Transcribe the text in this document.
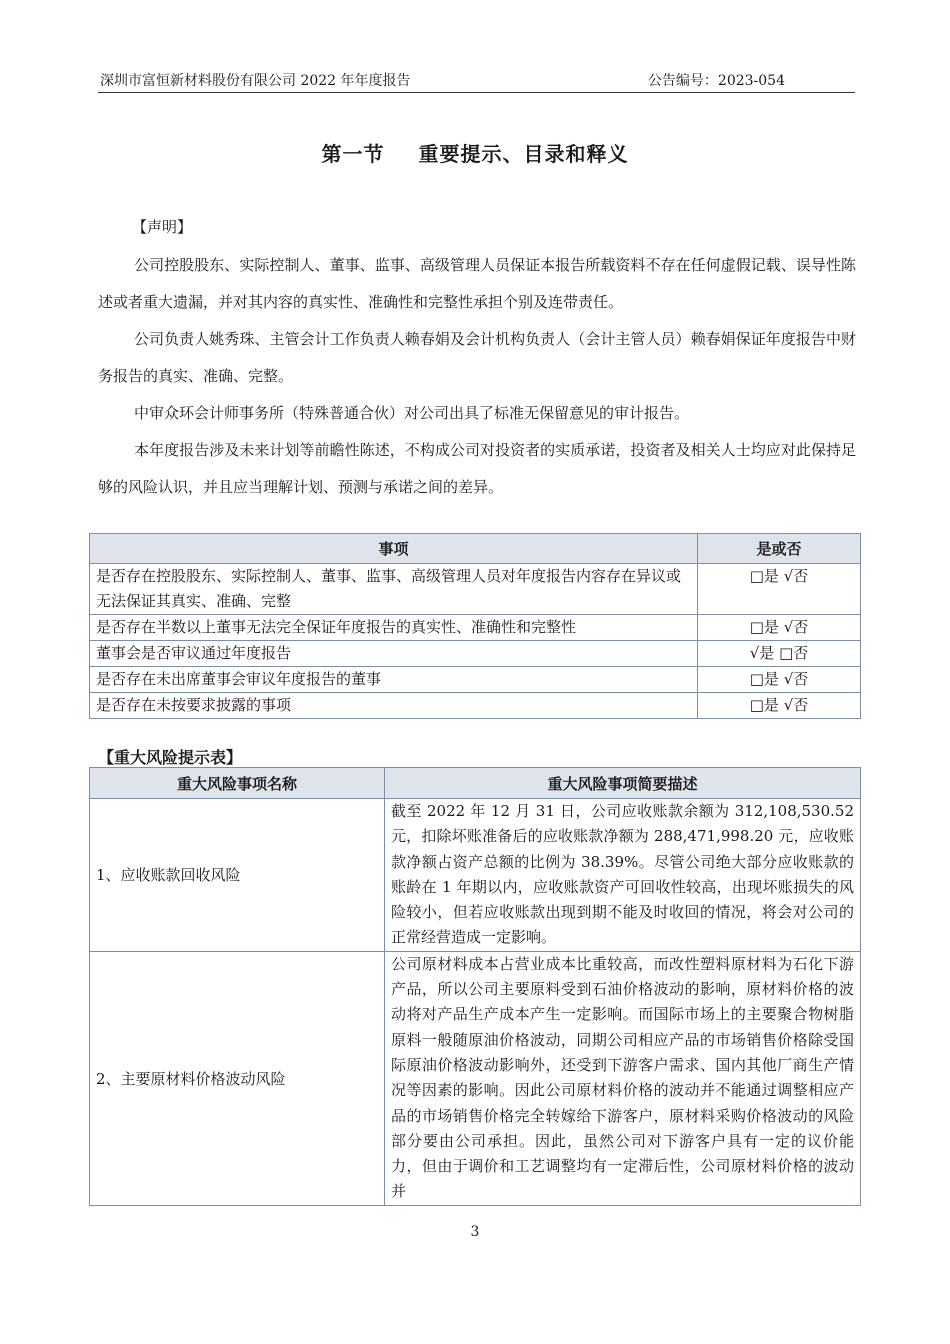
深圳市富恒新材料股份有限公司 2022 年年度报告	公告编号：2023-054
第一节 重要提示、目录和释义
【声明】

公司控股股东、实际控制人、董事、监事、高级管理人员保证本报告所载资料不存在任何虚假记载、误导性陈述或者重大遗漏，并对其内容的真实性、准确性和完整性承担个别及连带责任。

公司负责人姚秀珠、主管会计工作负责人赖春娟及会计机构负责人（会计主管人员）赖春娟保证年度报告中财务报告的真实、准确、完整。

中审众环会计师事务所（特殊普通合伙）对公司出具了标准无保留意见的审计报告。

本年度报告涉及未来计划等前瞻性陈述，不构成公司对投资者的实质承诺，投资者及相关人士均应对此保持足够的风险认识，并且应当理解计划、预测与承诺之间的差异。

事项	是或否
是否存在控股股东、实际控制人、董事、监事、高级管理人员对年度报告内容存在异议或无法保证其真实、准确、完整	□是 √否
是否存在半数以上董事无法完全保证年度报告的真实性、准确性和完整性	□是 √否
董事会是否审议通过年度报告	√是 □否
是否存在未出席董事会审议年度报告的董事	□是 √否
是否存在未按要求披露的事项	□是 √否
【重大风险提示表】
重大风险事项名称	重大风险事项简要描述
1、应收账款回收风险	截至 2022 年 12 月 31 日，公司应收账款余额为 312,108,530.52 元，扣除坏账准备后的应收账款净额为 288,471,998.20 元，应收账款净额占资产总额的比例为 38.39%。尽管公司绝大部分应收账款的账龄在 1 年期以内，应收账款资产可回收性较高，出现坏账损失的风险较小，但若应收账款出现到期不能及时收回的情况，将会对公司的正常经营造成一定影响。
2、主要原材料价格波动风险	公司原材料成本占营业成本比重较高，而改性塑料原材料为石化下游产品，所以公司主要原料受到石油价格波动的影响，原材料价格的波动将对产品生产成本产生一定影响。而国际市场上的主要聚合物树脂原料一般随原油价格波动，同期公司相应产品的市场销售价格除受国际原油价格波动影响外，还受到下游客户需求、国内其他厂商生产情况等因素的影响。因此公司原材料价格的波动并不能通过调整相应产品的市场销售价格完全转嫁给下游客户，原材料采购价格波动的风险部分要由公司承担。因此，虽然公司对下游客户具有一定的议价能力，但由于调价和工艺调整均有一定滞后性，公司原材料价格的波动并
3
